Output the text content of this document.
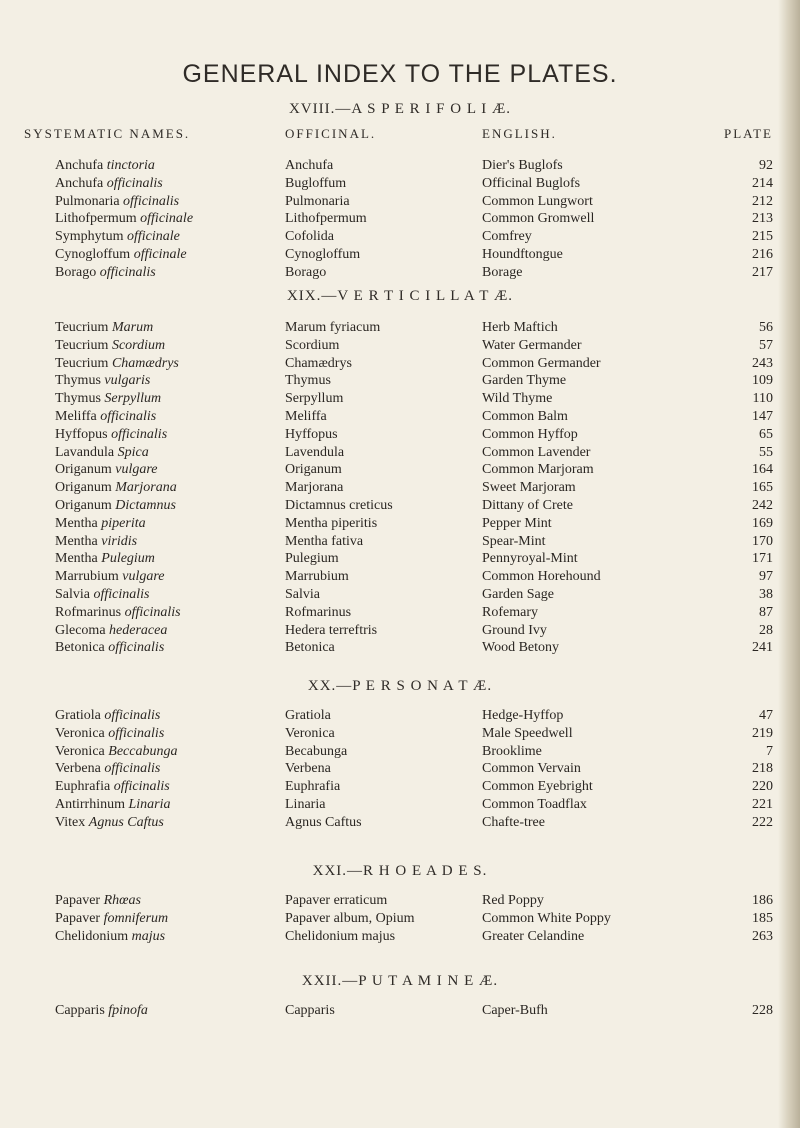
GENERAL INDEX TO THE PLATES.
XVIII.—A S P E R I F O L I Æ.
SYSTEMATIC NAMES.	OFFICINAL.	ENGLISH.	PLATE
Anchufa tinctoria	Anchufa	Dier's Buglofs	92
Anchufa officinalis	Bugloffum	Officinal Buglofs	214
Pulmonaria officinalis	Pulmonaria	Common Lungwort	212
Lithofpermum officinale	Lithofpermum	Common Gromwell	213
Symphytum officinale	Cofolida	Comfrey	215
Cynogloffum officinale	Cynogloffum	Houndftongue	216
Borago officinalis	Borago	Borage	217
XIX.—V E R T I C I L L A T Æ.
Teucrium Marum	Marum fyriacum	Herb Maftich	56
Teucrium Scordium	Scordium	Water Germander	57
Teucrium Chamædrys	Chamædrys	Common Germander	243
Thymus vulgaris	Thymus	Garden Thyme	109
Thymus Serpyllum	Serpyllum	Wild Thyme	110
Meliffa officinalis	Meliffa	Common Balm	147
Hyffopus officinalis	Hyffopus	Common Hyffop	65
Lavandula Spica	Lavendula	Common Lavender	55
Origanum vulgare	Origanum	Common Marjoram	164
Origanum Marjorana	Marjorana	Sweet Marjoram	165
Origanum Dictamnus	Dictamnus creticus	Dittany of Crete	242
Mentha piperita	Mentha piperitis	Pepper Mint	169
Mentha viridis	Mentha fativa	Spear-Mint	170
Mentha Pulegium	Pulegium	Pennyroyal-Mint	171
Marrubium vulgare	Marrubium	Common Horehound	97
Salvia officinalis	Salvia	Garden Sage	38
Rofmarinus officinalis	Rofmarinus	Rofemary	87
Glecoma hederacea	Hedera terreftris	Ground Ivy	28
Betonica officinalis	Betonica	Wood Betony	241
XX.—P E R S O N A T Æ.
Gratiola officinalis	Gratiola	Hedge-Hyffop	47
Veronica officinalis	Veronica	Male Speedwell	219
Veronica Beccabunga	Becabunga	Brooklime	7
Verbena officinalis	Verbena	Common Vervain	218
Euphrafia officinalis	Euphrafia	Common Eyebright	220
Antirrhinum Linaria	Linaria	Common Toadflax	221
Vitex Agnus Caftus	Agnus Caftus	Chafte-tree	222
XXI.—R H O E A D E S.
Papaver Rhœas	Papaver erraticum	Red Poppy	186
Papaver fomniferum	Papaver album, Opium	Common White Poppy	185
Chelidonium majus	Chelidonium majus	Greater Celandine	263
XXII.—P U T A M I N E Æ.
Capparis fpinofa	Capparis	Caper-Bufh	228
